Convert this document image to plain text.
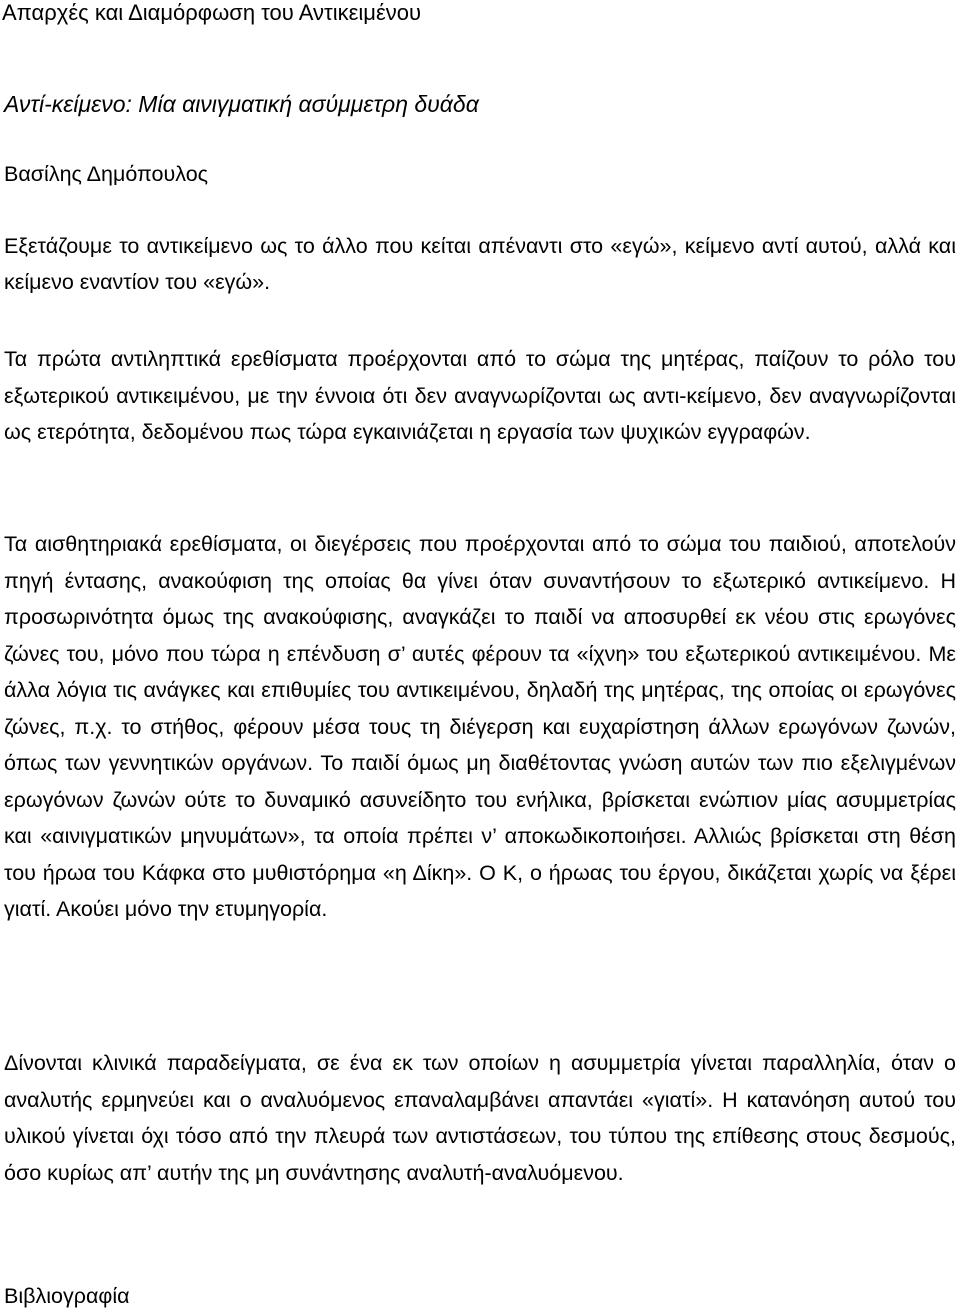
Απαρχές και Διαμόρφωση του Αντικειμένου
Αντί-κείμενο: Μία αινιγματική ασύμμετρη δυάδα
Βασίλης Δημόπουλος

Εξετάζουμε το αντικείμενο ως το άλλο που κείται απέναντι στο «εγώ», κείμενο αντί αυτού, αλλά και κείμενο εναντίον του «εγώ».

Τα πρώτα αντιληπτικά ερεθίσματα προέρχονται από το σώμα της μητέρας, παίζουν το ρόλο του εξωτερικού αντικειμένου, με την έννοια ότι δεν αναγνωρίζονται ως αντι-κείμενο, δεν αναγνωρίζονται ως ετερότητα, δεδομένου πως τώρα εγκαινιάζεται η εργασία των ψυχικών εγγραφών.

Τα αισθητηριακά ερεθίσματα, οι διεγέρσεις που προέρχονται από το σώμα του παιδιού, αποτελούν πηγή έντασης, ανακούφιση της οποίας θα γίνει όταν συναντήσουν το εξωτερικό αντικείμενο. Η προσωρινότητα όμως της ανακούφισης, αναγκάζει το παιδί να αποσυρθεί εκ νέου στις ερωγόνες ζώνες του, μόνο που τώρα η επένδυση σ’ αυτές φέρουν τα «ίχνη» του εξωτερικού αντικειμένου. Με άλλα λόγια τις ανάγκες και επιθυμίες του αντικειμένου, δηλαδή της μητέρας, της οποίας οι ερωγόνες ζώνες, π.χ. το στήθος, φέρουν μέσα τους τη διέγερση και ευχαρίστηση άλλων ερωγόνων ζωνών, όπως των γεννητικών οργάνων. Το παιδί όμως μη διαθέτοντας γνώση αυτών των πιο εξελιγμένων ερωγόνων ζωνών ούτε το δυναμικό ασυνείδητο του ενήλικα, βρίσκεται ενώπιον μίας ασυμμετρίας και «αινιγματικών μηνυμάτων», τα οποία πρέπει ν’ αποκωδικοποιήσει. Αλλιώς βρίσκεται στη θέση του ήρωα του Κάφκα στο μυθιστόρημα «η Δίκη». Ο Κ, ο ήρωας του έργου, δικάζεται χωρίς να ξέρει γιατί. Ακούει μόνο την ετυμηγορία.

Δίνονται κλινικά παραδείγματα, σε ένα εκ των οποίων η ασυμμετρία γίνεται παραλληλία, όταν ο αναλυτής ερμηνεύει και ο αναλυόμενος επαναλαμβάνει απαντάει «γιατί». Η κατανόηση αυτού του υλικού γίνεται όχι τόσο από την πλευρά των αντιστάσεων, του τύπου της επίθεσης στους δεσμούς, όσο κυρίως απ’ αυτήν της μη συνάντησης αναλυτή-αναλυόμενου.

Βιβλιογραφία
